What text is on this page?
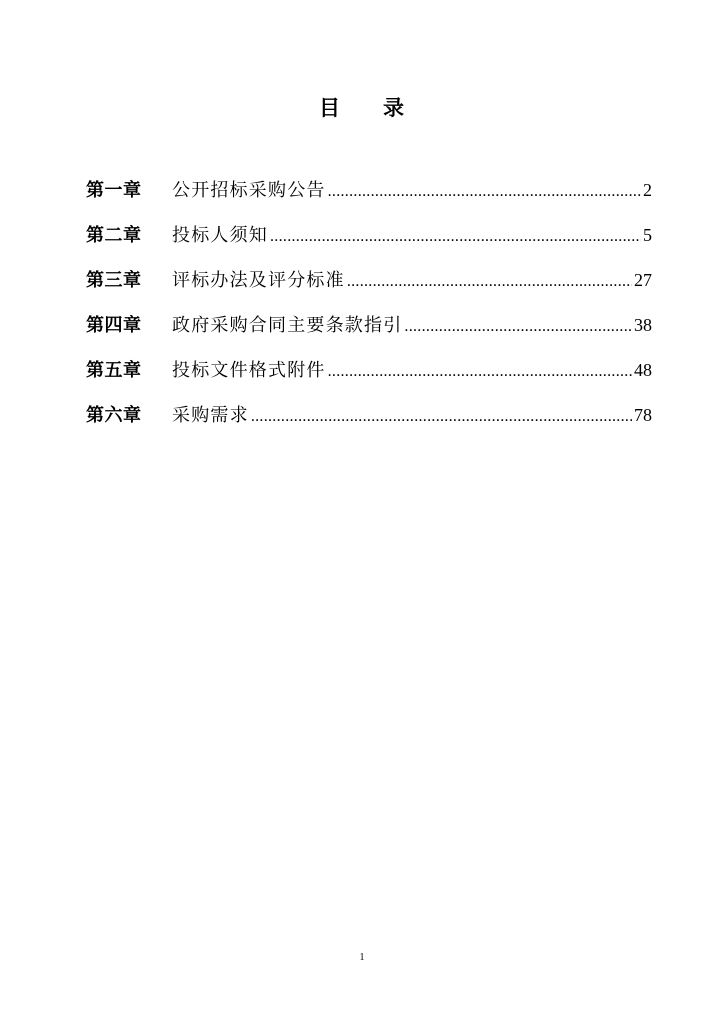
目 录
第一章	公开招标采购公告 .....	2
第二章	投标人须知 .....	5
第三章	评标办法及评分标准 .....	27
第四章	政府采购合同主要条款指引 .....	38
第五章	投标文件格式附件 .....	48
第六章	采购需求 .....	78
1
